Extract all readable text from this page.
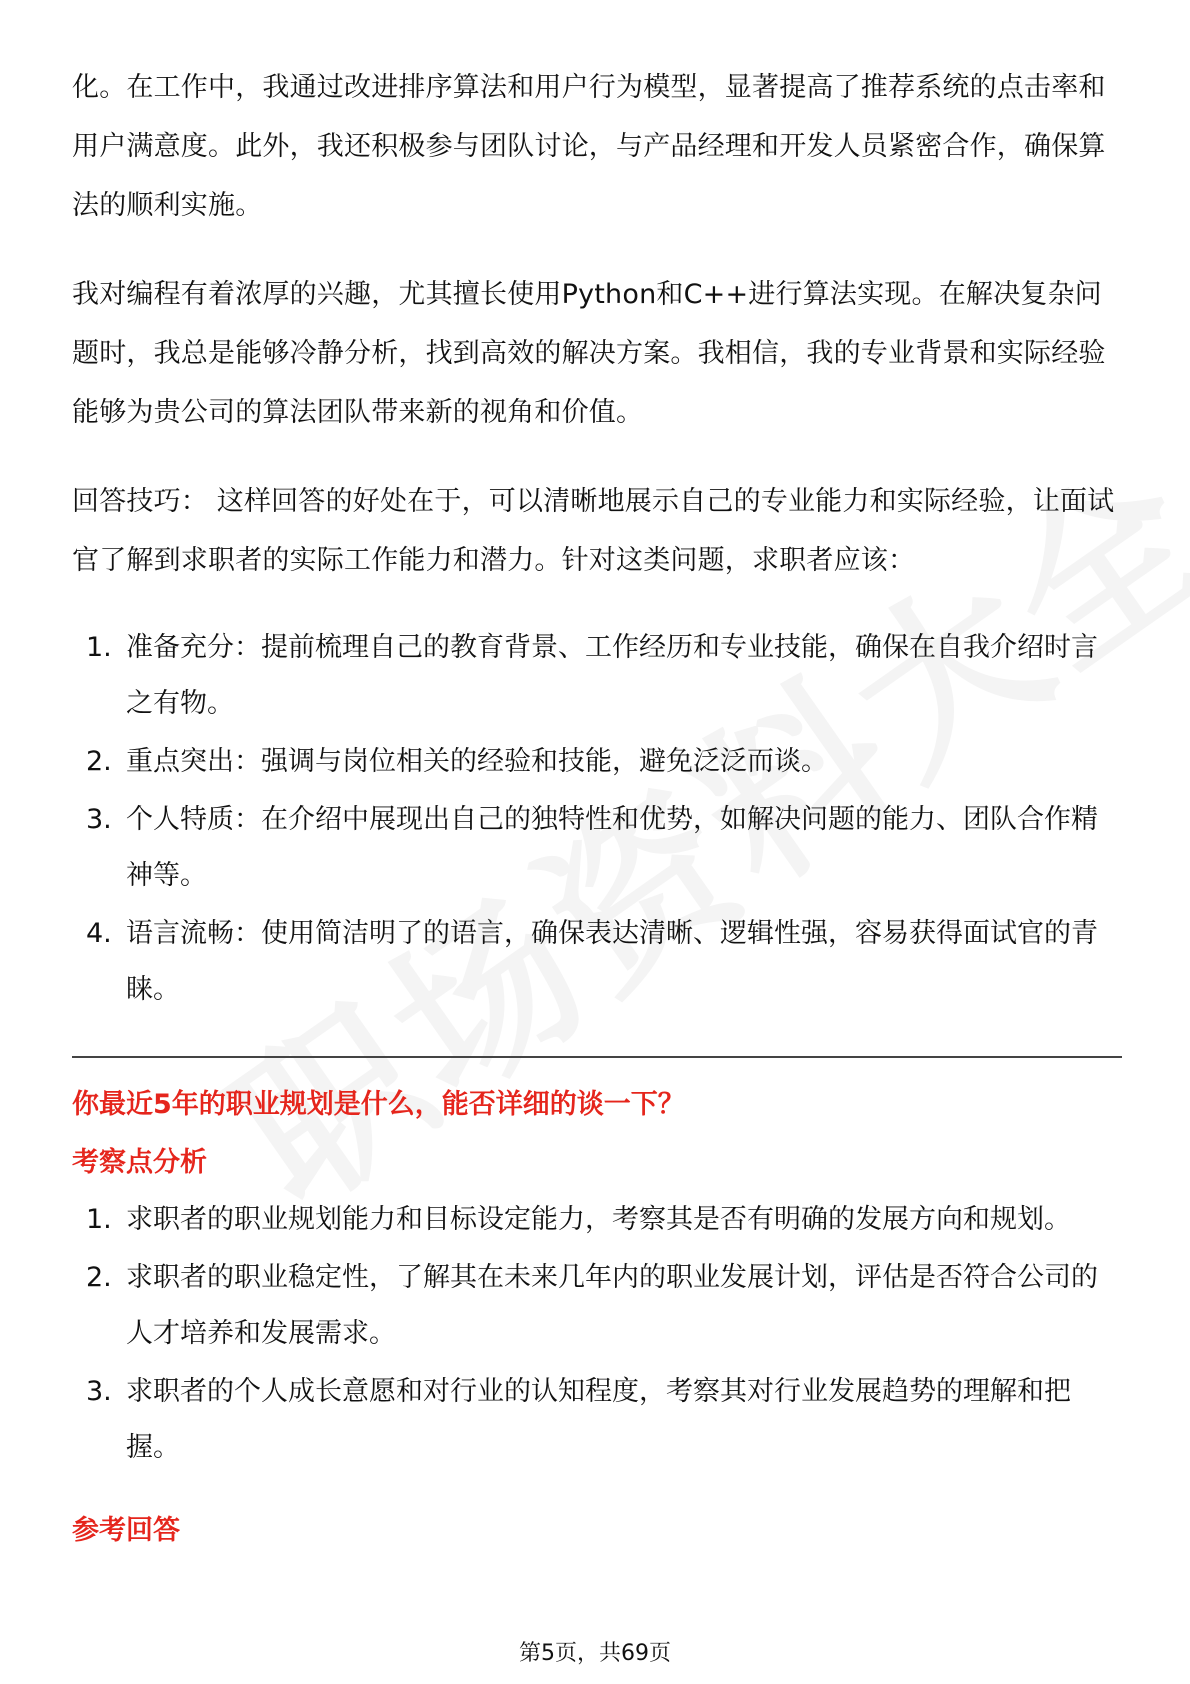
化。在工作中，我通过改进排序算法和用户行为模型，显著提高了推荐系统的点击率和用户满意度。此外，我还积极参与团队讨论，与产品经理和开发人员紧密合作，确保算法的顺利实施。

我对编程有着浓厚的兴趣，尤其擅长使用Python和C++进行算法实现。在解决复杂问题时，我总是能够冷静分析，找到高效的解决方案。我相信，我的专业背景和实际经验能够为贵公司的算法团队带来新的视角和价值。

回答技巧： 这样回答的好处在于，可以清晰地展示自己的专业能力和实际经验，让面试官了解到求职者的实际工作能力和潜力。针对这类问题，求职者应该：

1. 准备充分：提前梳理自己的教育背景、工作经历和专业技能，确保在自我介绍时言之有物。
2. 重点突出：强调与岗位相关的经验和技能，避免泛泛而谈。
3. 个人特质：在介绍中展现出自己的独特性和优势，如解决问题的能力、团队合作精神等。
4. 语言流畅：使用简洁明了的语言，确保表达清晰、逻辑性强，容易获得面试官的青睐。

你最近5年的职业规划是什么，能否详细的谈一下？

考察点分析

1. 求职者的职业规划能力和目标设定能力，考察其是否有明确的发展方向和规划。
2. 求职者的职业稳定性，了解其在未来几年内的职业发展计划，评估是否符合公司的人才培养和发展需求。
3. 求职者的个人成长意愿和对行业的认知程度，考察其对行业发展趋势的理解和把握。

参考回答

第5页，共69页
